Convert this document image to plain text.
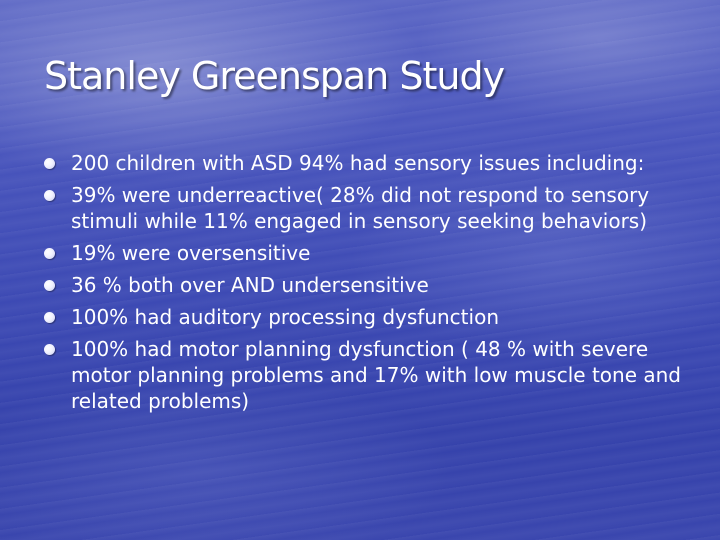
Stanley Greenspan Study
200 children with ASD 94% had sensory issues including:
39% were underreactive( 28% did not respond to sensory stimuli while 11% engaged in sensory seeking behaviors)
19% were oversensitive
36 % both over AND undersensitive
100% had auditory processing dysfunction
100% had motor planning dysfunction ( 48 % with severe motor planning problems and 17% with low muscle tone and related problems)
